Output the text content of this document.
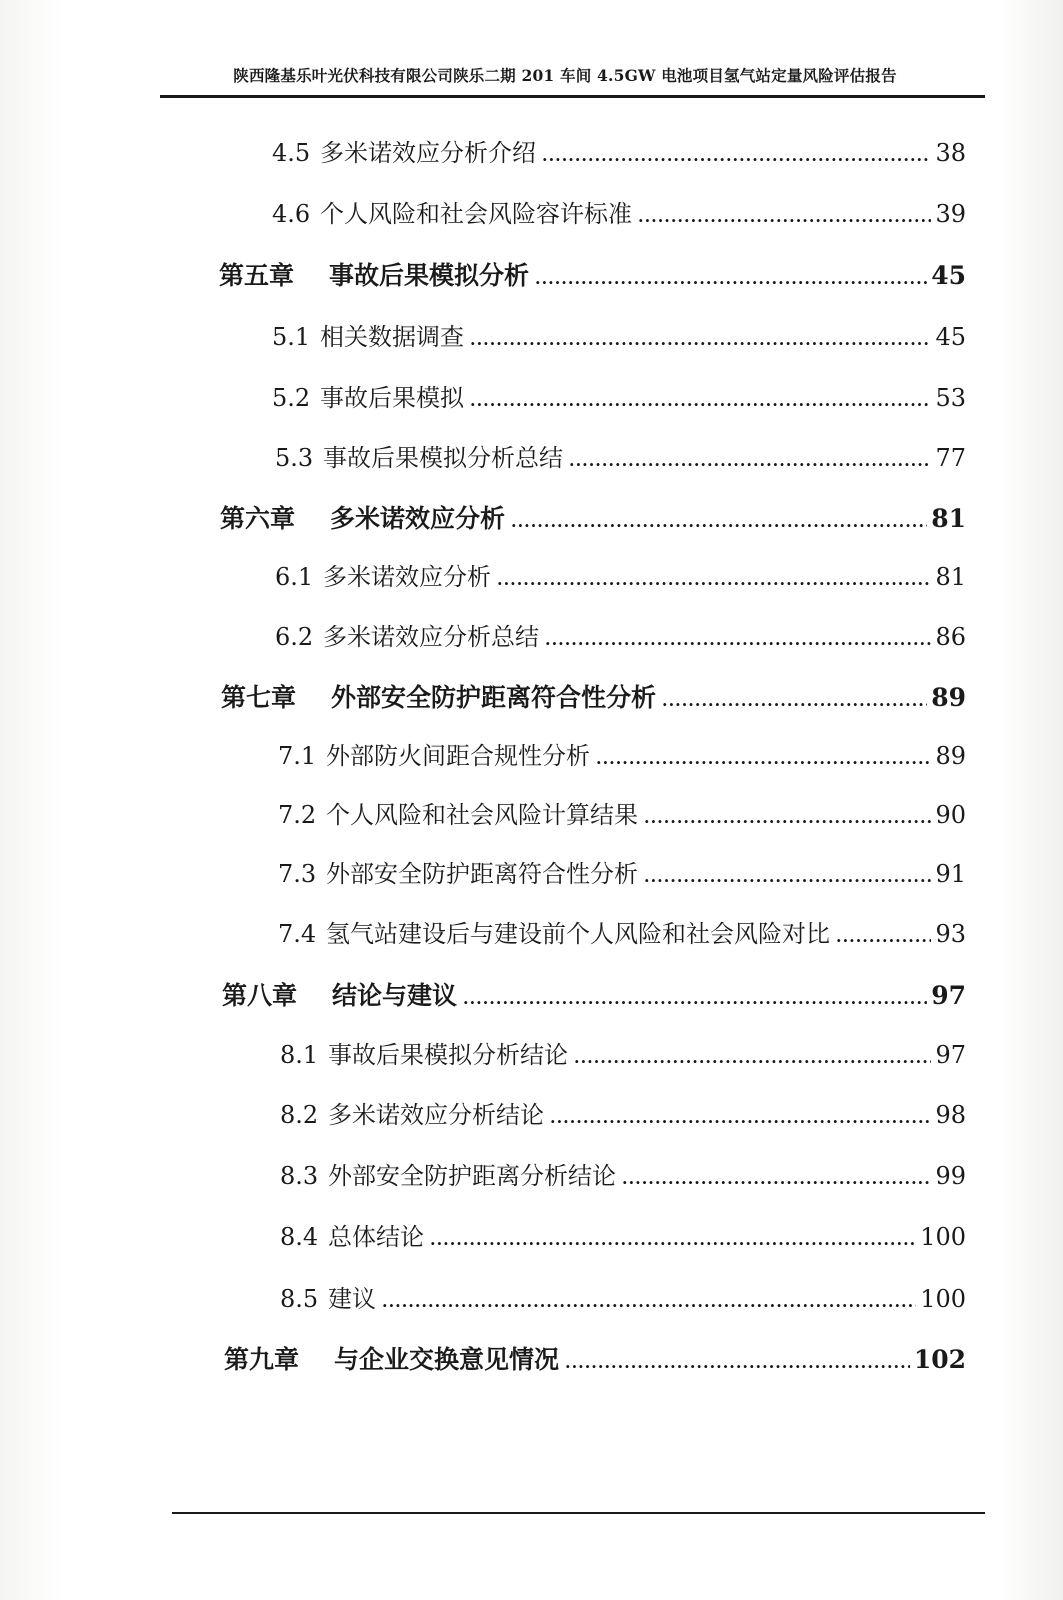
陕西隆基乐叶光伏科技有限公司陕乐二期 201 车间 4.5GW 电池项目氢气站定量风险评估报告
4.5 多米诺效应分析介绍 .....	38
4.6 个人风险和社会风险容许标准 .....	39
第五章	事故后果模拟分析 .....	45
5.1 相关数据调查 .....	45
5.2 事故后果模拟 .....	53
5.3 事故后果模拟分析总结 .....	77
第六章	多米诺效应分析 .....	81
6.1 多米诺效应分析 .....	81
6.2 多米诺效应分析总结 .....	86
第七章	外部安全防护距离符合性分析 .....	89
7.1 外部防火间距合规性分析 .....	89
7.2 个人风险和社会风险计算结果 .....	90
7.3 外部安全防护距离符合性分析 .....	91
7.4 氢气站建设后与建设前个人风险和社会风险对比 .....	93
第八章	结论与建议 .....	97
8.1 事故后果模拟分析结论 .....	97
8.2 多米诺效应分析结论 .....	98
8.3 外部安全防护距离分析结论 .....	99
8.4 总体结论 .....	100
8.5 建议 .....	100
第九章	与企业交换意见情况 .....	102
